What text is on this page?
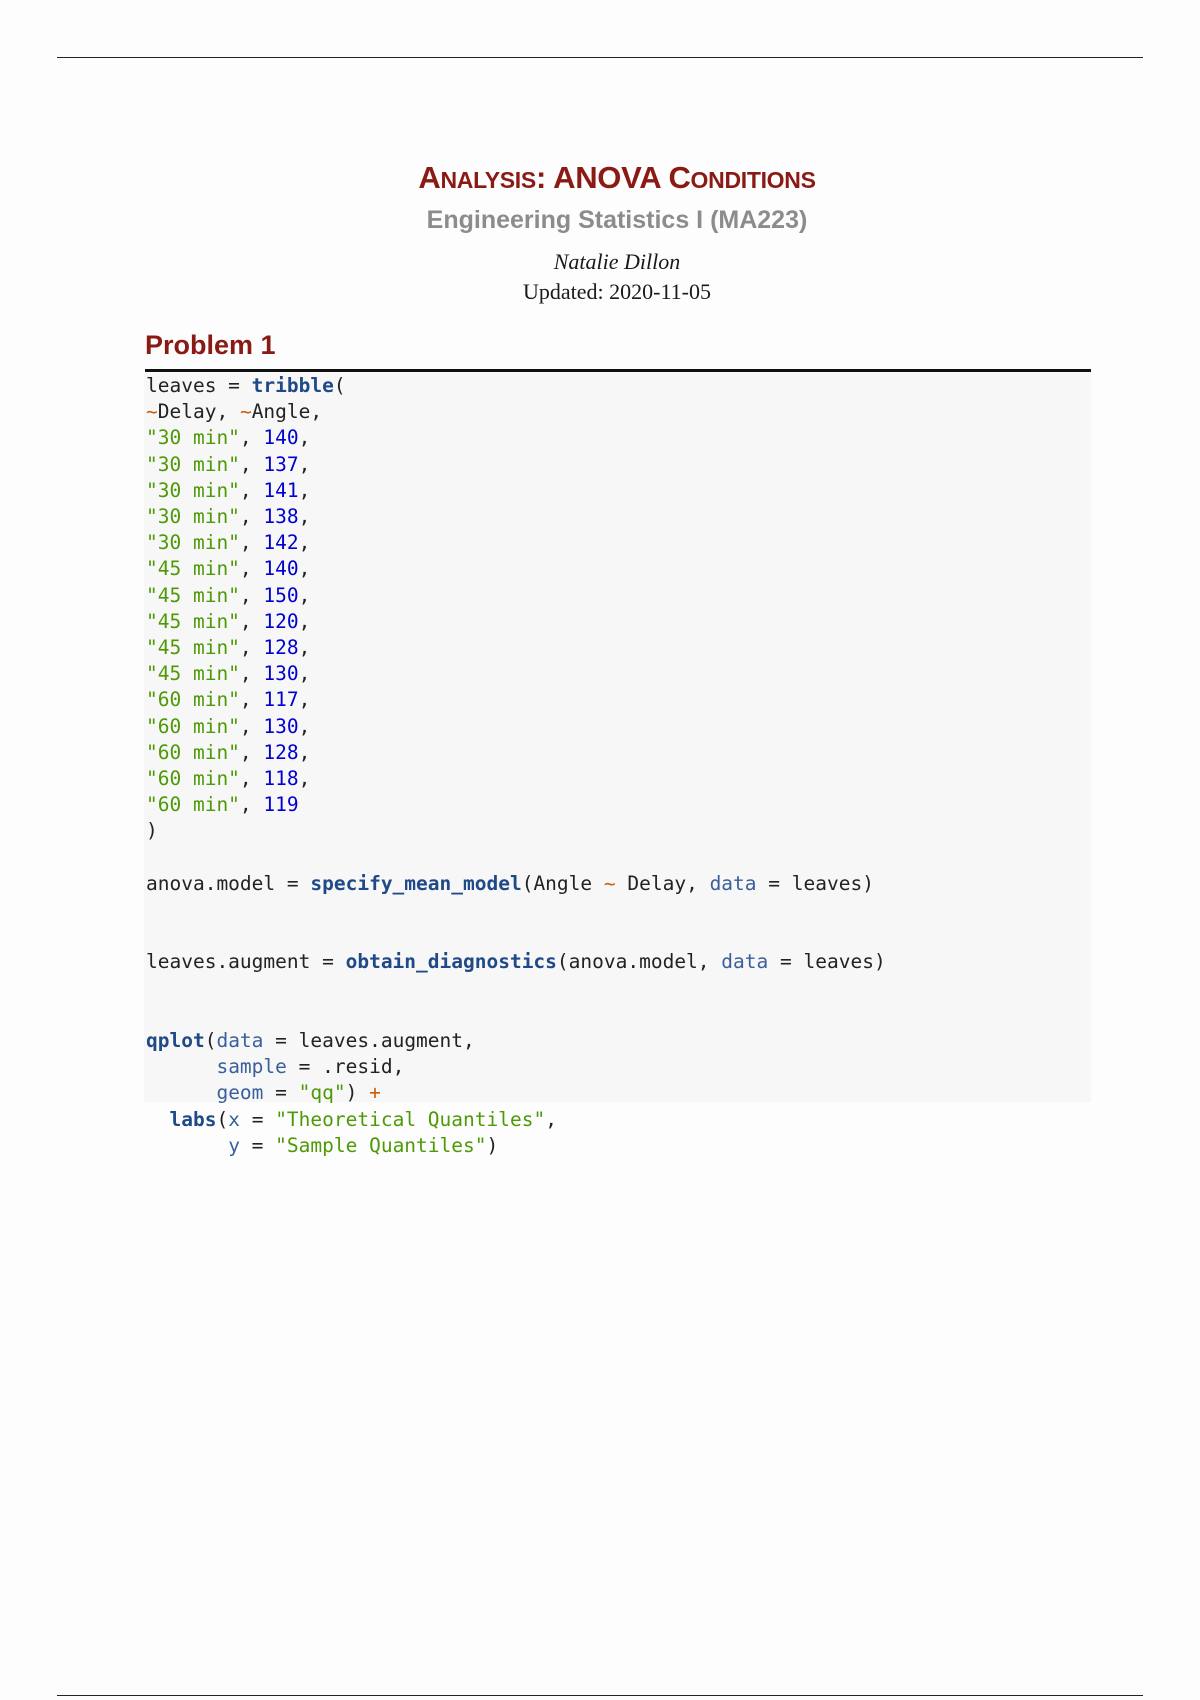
ANALYSIS: ANOVA CONDITIONS
Engineering Statistics I (MA223)
Natalie Dillon
Updated: 2020-11-05
Problem 1
leaves = tribble(
~Delay, ~Angle,
"30 min", 140,
"30 min", 137,
"30 min", 141,
"30 min", 138,
"30 min", 142,
"45 min", 140,
"45 min", 150,
"45 min", 120,
"45 min", 128,
"45 min", 130,
"60 min", 117,
"60 min", 130,
"60 min", 128,
"60 min", 118,
"60 min", 119
)

anova.model = specify_mean_model(Angle ~ Delay, data = leaves)

leaves.augment = obtain_diagnostics(anova.model, data = leaves)

qplot(data = leaves.augment,
sample = .resid,
geom = "qq") +
labs(x = "Theoretical Quantiles",
y = "Sample Quantiles")
